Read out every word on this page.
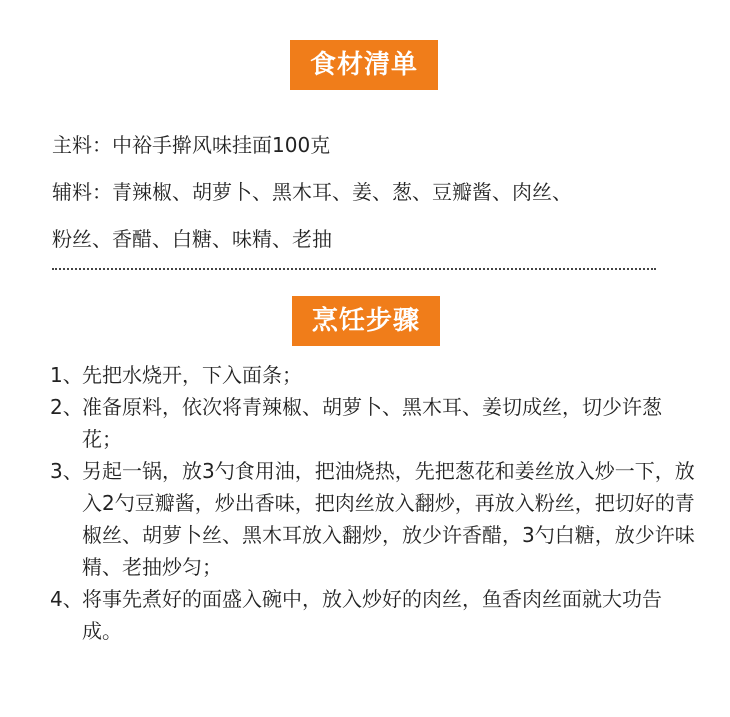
食材清单

主料：中裕手擀风味挂面100克

辅料：青辣椒、胡萝卜、黑木耳、姜、葱、豆瓣酱、肉丝、

粉丝、香醋、白糖、味精、老抽

烹饪步骤
1、 先把水烧开，下入面条；
2、 准备原料，依次将青辣椒、胡萝卜、黑木耳、姜切成丝，切少许葱花；
3、 另起一锅，放3勺食用油，把油烧热，先把葱花和姜丝放入炒一下，放入2勺豆瓣酱，炒出香味，把肉丝放入翻炒，再放入粉丝，把切好的青椒丝、胡萝卜丝、黑木耳放入翻炒，放少许香醋，3勺白糖，放少许味精、老抽炒匀；
4、 将事先煮好的面盛入碗中，放入炒好的肉丝，鱼香肉丝面就大功告成。
